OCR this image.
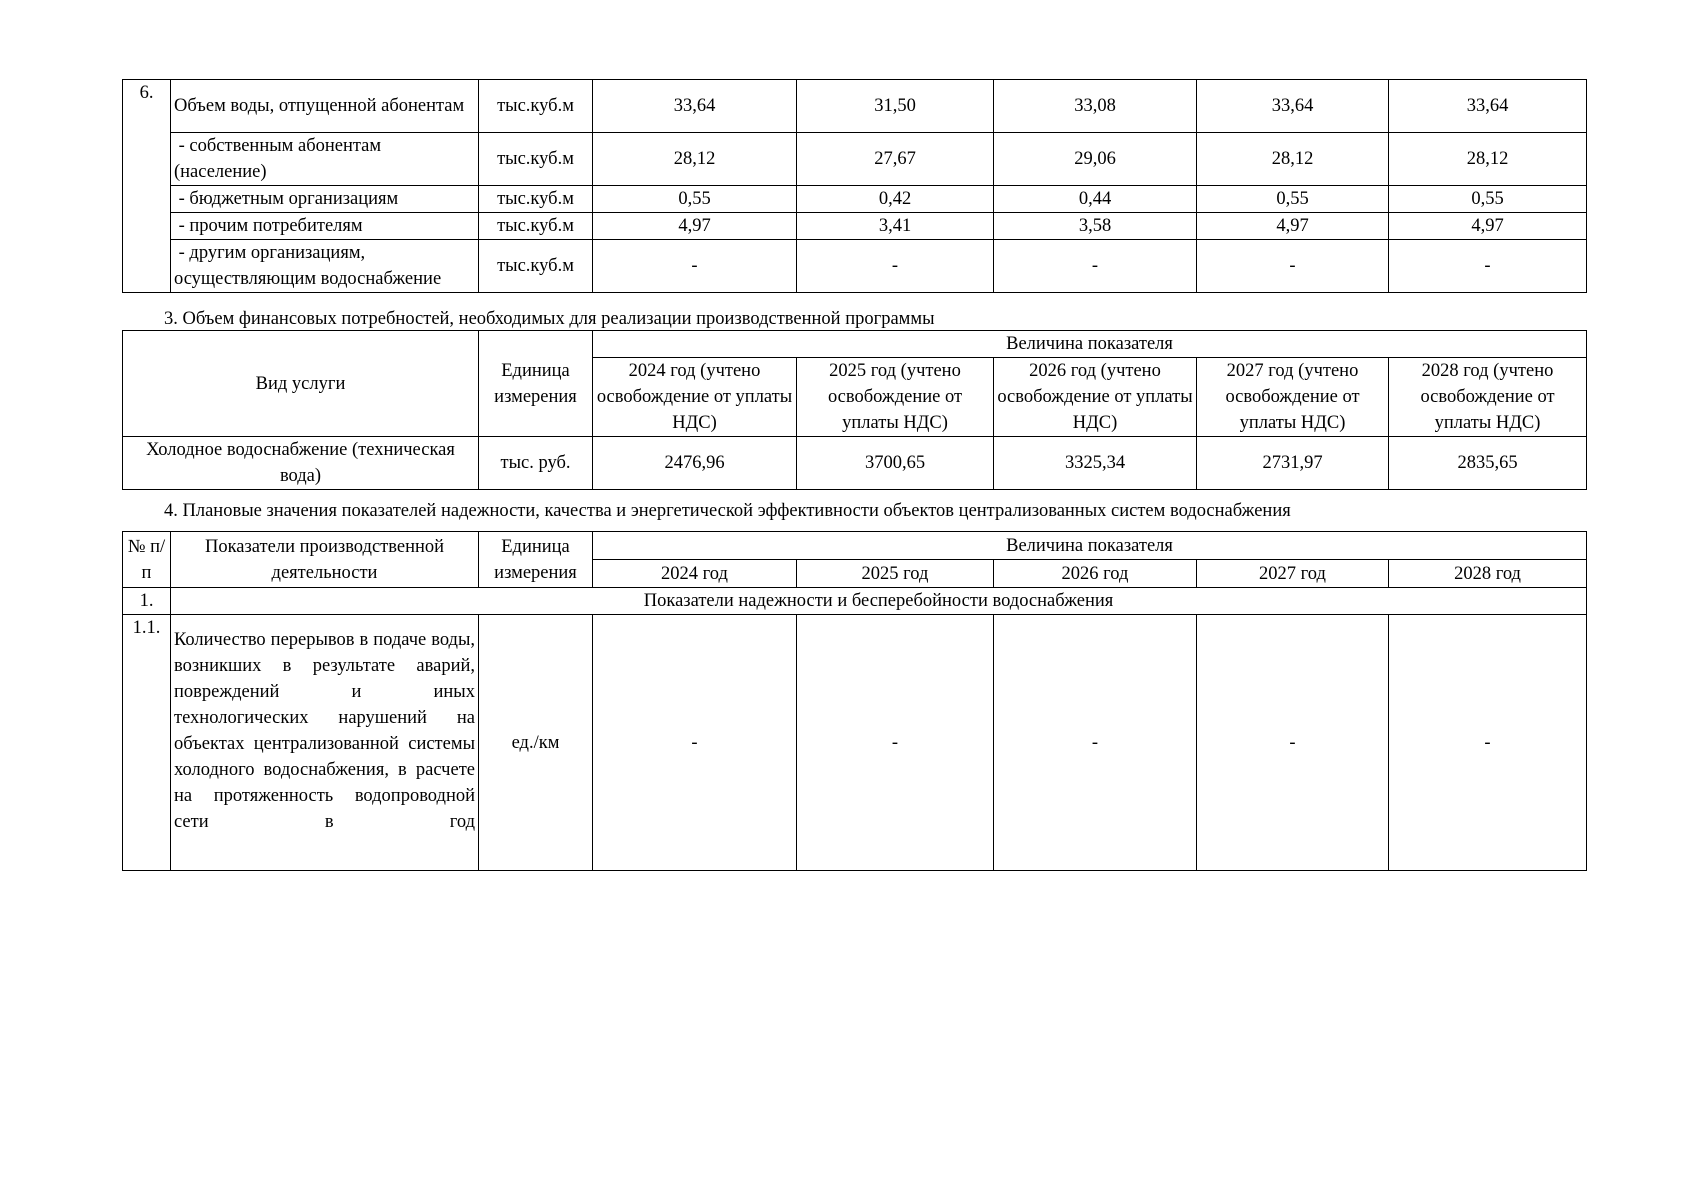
6.	Объем воды, отпущенной абонентам	тыс.куб.м	33,64	31,50	33,08	33,64	33,64
	- собственным абонентам (население)	тыс.куб.м	28,12	27,67	29,06	28,12	28,12
	- бюджетным организациям	тыс.куб.м	0,55	0,42	0,44	0,55	0,55
	- прочим потребителям	тыс.куб.м	4,97	3,41	3,58	4,97	4,97
	- другим организациям, осуществляющим водоснабжение	тыс.куб.м	-	-	-	-	-
3. Объем финансовых потребностей, необходимых для реализации производственной программы
Вид услуги	Единица измерения	Величина показателя				
		2024 год (учтено освобождение от уплаты НДС)	2025 год (учтено освобождение от уплаты НДС)	2026 год (учтено освобождение от уплаты НДС)	2027 год (учтено освобождение от уплаты НДС)	2028 год (учтено освобождение от уплаты НДС)
Холодное водоснабжение (техническая вода)	тыс. руб.	2476,96	3700,65	3325,34	2731,97	2835,65
4. Плановые значения показателей надежности, качества и энергетической эффективности объектов централизованных систем водоснабжения
№ п/п	Показатели производственной деятельности	Единица измерения	Величина показателя				
			2024 год	2025 год	2026 год	2027 год	2028 год
1.	Показатели надежности и бесперебойности водоснабжения						
1.1.	Количество перерывов в подаче воды, возникших в результате аварий, повреждений и иных технологических нарушений на объектах централизованной системы холодного водоснабжения, в расчете на протяженность водопроводной сети в год	ед./км	-	-	-	-	-
